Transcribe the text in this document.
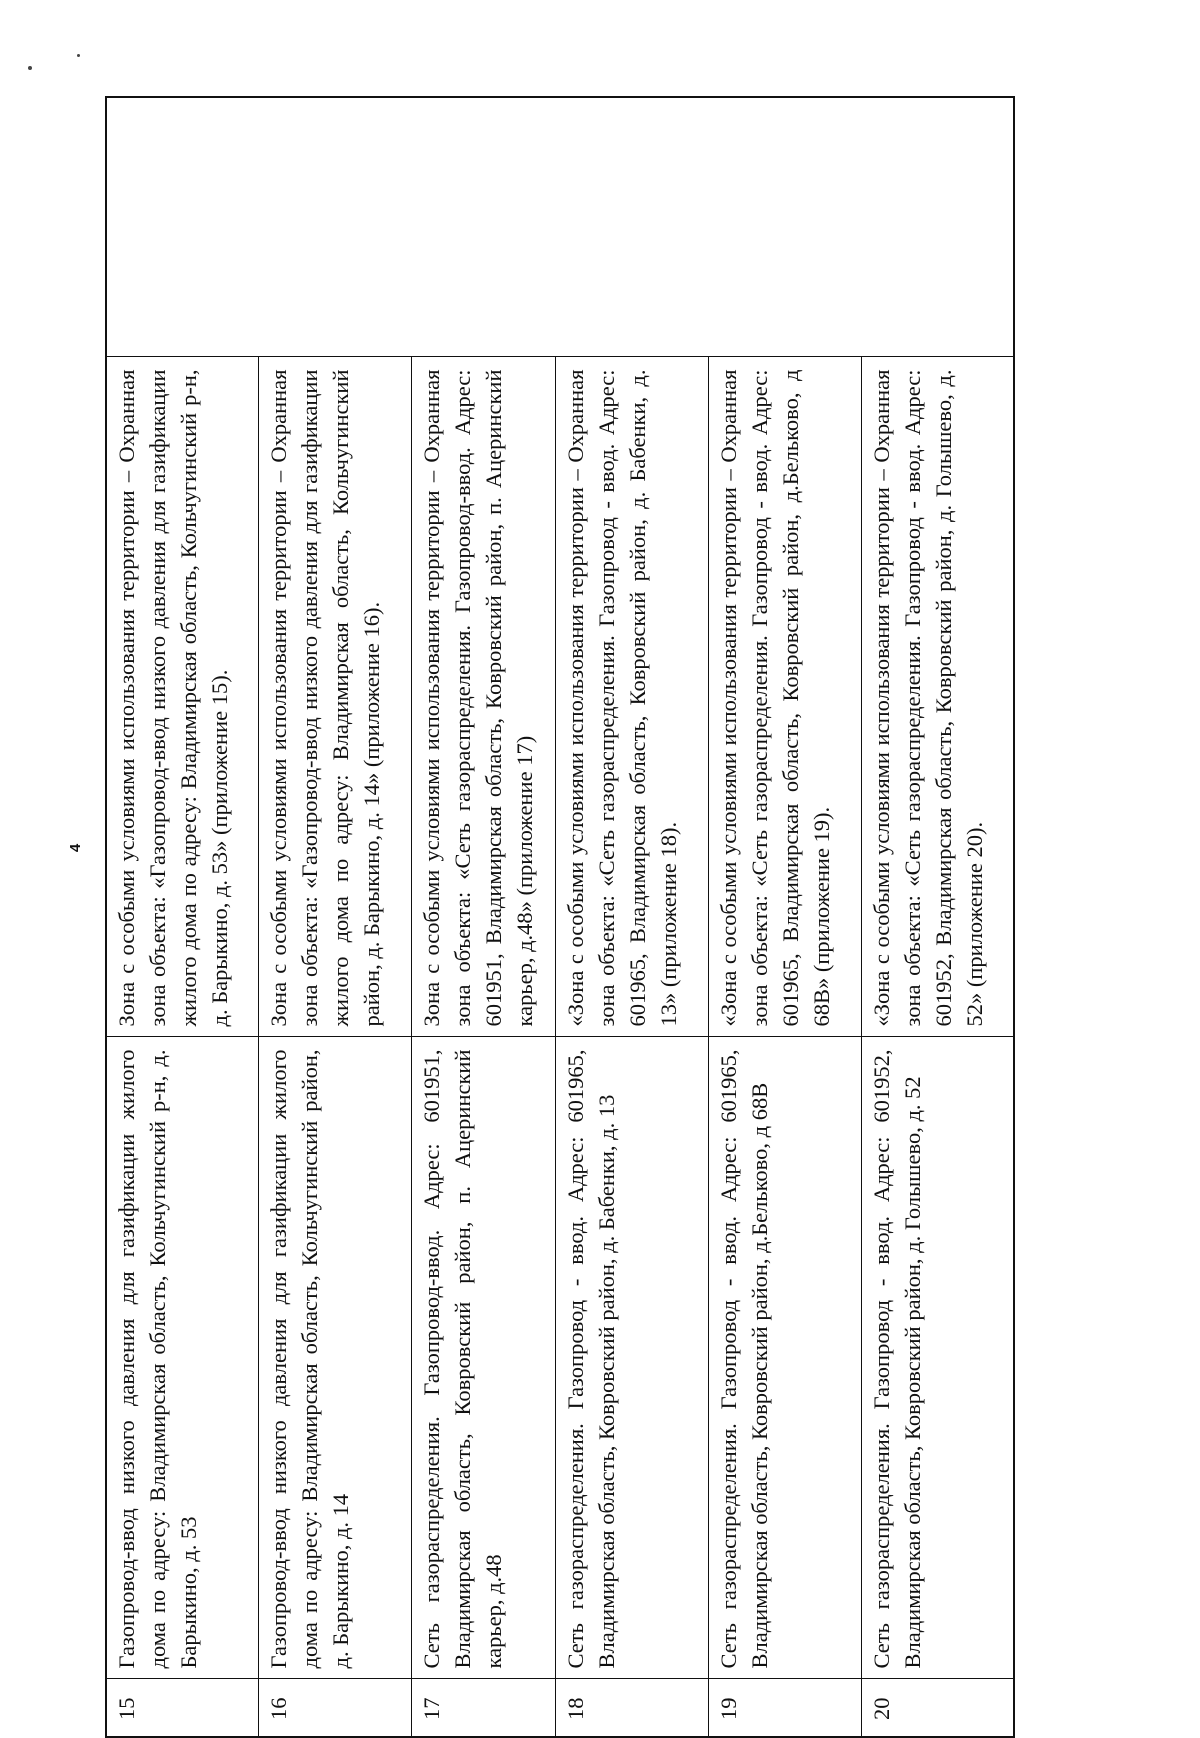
4
15	Газопровод-ввод низкого давления для газификации жилого дома по адресу: Владимирская область, Кольчугинский р-н, д. Барыкино, д. 53	Зона с особыми условиями использования территории – Охранная зона объекта: «Газопровод-ввод низкого давления для газификации жилого дома по адресу: Владимирская область, Кольчугинский р-н, д. Барыкино, д. 53» (приложение 15).	
16	Газопровод-ввод низкого давления для газификации жилого дома по адресу: Владимирская область, Кольчугинский район, д. Барыкино, д. 14	Зона с особыми условиями использования территории – Охранная зона объекта: «Газопровод-ввод низкого давления для газификации жилого дома по адресу: Владимирская область, Кольчугинский район, д. Барыкино, д. 14» (приложение 16).	
17	Сеть газораспределения. Газопровод-ввод. Адрес: 601951, Владимирская область, Ковровский район, п. Ацеринский карьер, д.48	Зона с особыми условиями использования территории – Охранная зона объекта: «Сеть газораспределения. Газопровод-ввод. Адрес: 601951, Владимирская область, Ковровский район, п. Ацеринский карьер, д.48» (приложение 17)	
18	Сеть газораспределения. Газопровод - ввод. Адрес: 601965, Владимирская область, Ковровский район, д. Бабенки, д. 13	«Зона с особыми условиями использования территории – Охранная зона объекта: «Сеть газораспределения. Газопровод - ввод. Адрес: 601965, Владимирская область, Ковровский район, д. Бабенки, д. 13» (приложение 18).	
19	Сеть газораспределения. Газопровод - ввод. Адрес: 601965, Владимирская область, Ковровский район, д.Бельково, д 68В	«Зона с особыми условиями использования территории – Охранная зона объекта: «Сеть газораспределения. Газопровод - ввод. Адрес: 601965, Владимирская область, Ковровский район, д.Бельково, д 68В» (приложение 19).	
20	Сеть газораспределения. Газопровод - ввод. Адрес: 601952, Владимирская область, Ковровский район, д. Голышево, д. 52	«Зона с особыми условиями использования территории – Охранная зона объекта: «Сеть газораспределения. Газопровод - ввод. Адрес: 601952, Владимирская область, Ковровский район, д. Голышево, д. 52» (приложение 20).	
